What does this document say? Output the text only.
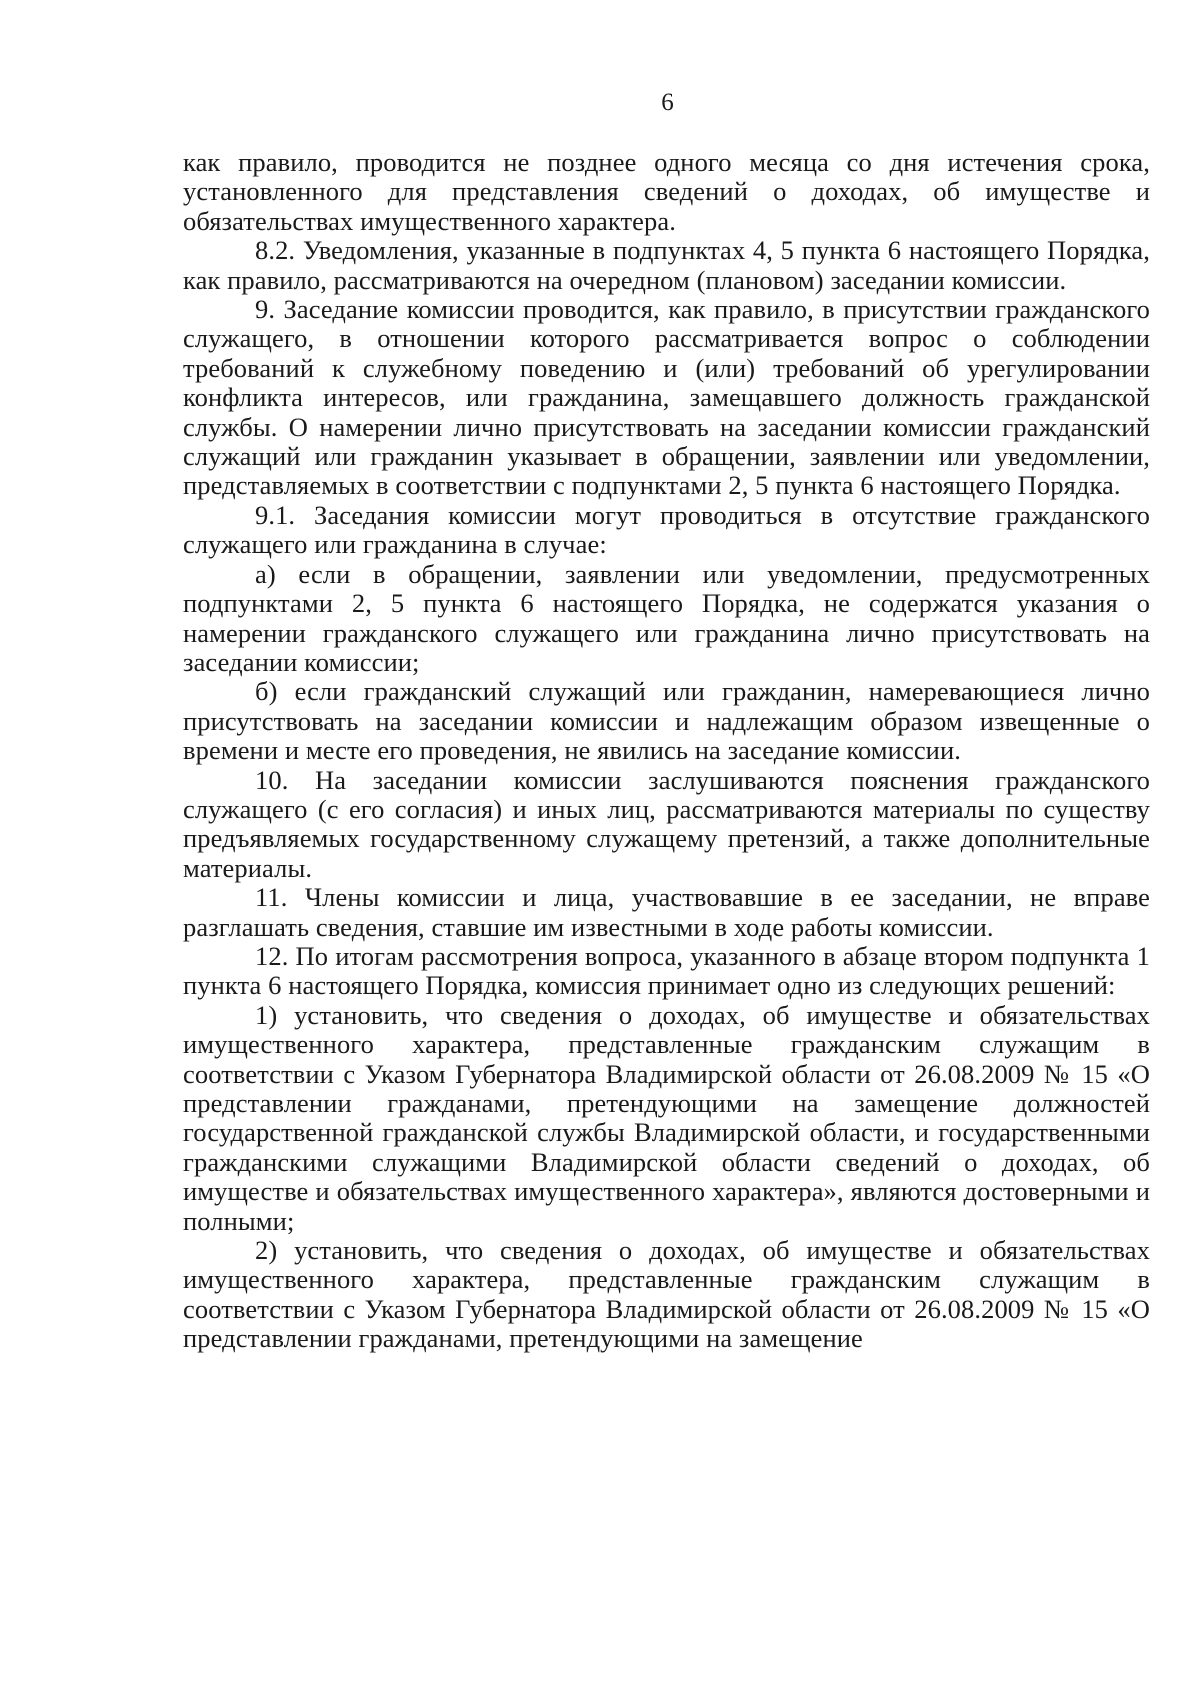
6

как правило, проводится не позднее одного месяца со дня истечения срока, установленного для представления сведений о доходах, об имуществе и обязательствах имущественного характера.

8.2. Уведомления, указанные в подпунктах 4, 5 пункта 6 настоящего Порядка, как правило, рассматриваются на очередном (плановом) заседании комиссии.

9. Заседание комиссии проводится, как правило, в присутствии гражданского служащего, в отношении которого рассматривается вопрос о соблюдении требований к служебному поведению и (или) требований об урегулировании конфликта интересов, или гражданина, замещавшего должность гражданской службы. О намерении лично присутствовать на заседании комиссии гражданский служащий или гражданин указывает в обращении, заявлении или уведомлении, представляемых в соответствии с подпунктами 2, 5 пункта 6 настоящего Порядка.

9.1. Заседания комиссии могут проводиться в отсутствие гражданского служащего или гражданина в случае:

а) если в обращении, заявлении или уведомлении, предусмотренных подпунктами 2, 5 пункта 6 настоящего Порядка, не содержатся указания о намерении гражданского служащего или гражданина лично присутствовать на заседании комиссии;

б) если гражданский служащий или гражданин, намеревающиеся лично присутствовать на заседании комиссии и надлежащим образом извещенные о времени и месте его проведения, не явились на заседание комиссии.

10. На заседании комиссии заслушиваются пояснения гражданского служащего (с его согласия) и иных лиц, рассматриваются материалы по существу предъявляемых государственному служащему претензий, а также дополнительные материалы.

11. Члены комиссии и лица, участвовавшие в ее заседании, не вправе разглашать сведения, ставшие им известными в ходе работы комиссии.

12. По итогам рассмотрения вопроса, указанного в абзаце втором подпункта 1 пункта 6 настоящего Порядка, комиссия принимает одно из следующих решений:

1) установить, что сведения о доходах, об имуществе и обязательствах имущественного характера, представленные гражданским служащим в соответствии с Указом Губернатора Владимирской области от 26.08.2009 № 15 «О представлении гражданами, претендующими на замещение должностей государственной гражданской службы Владимирской области, и государственными гражданскими служащими Владимирской области сведений о доходах, об имуществе и обязательствах имущественного характера», являются достоверными и полными;

2) установить, что сведения о доходах, об имуществе и обязательствах имущественного характера, представленные гражданским служащим в соответствии с Указом Губернатора Владимирской области от 26.08.2009 № 15 «О представлении гражданами, претендующими на замещение
